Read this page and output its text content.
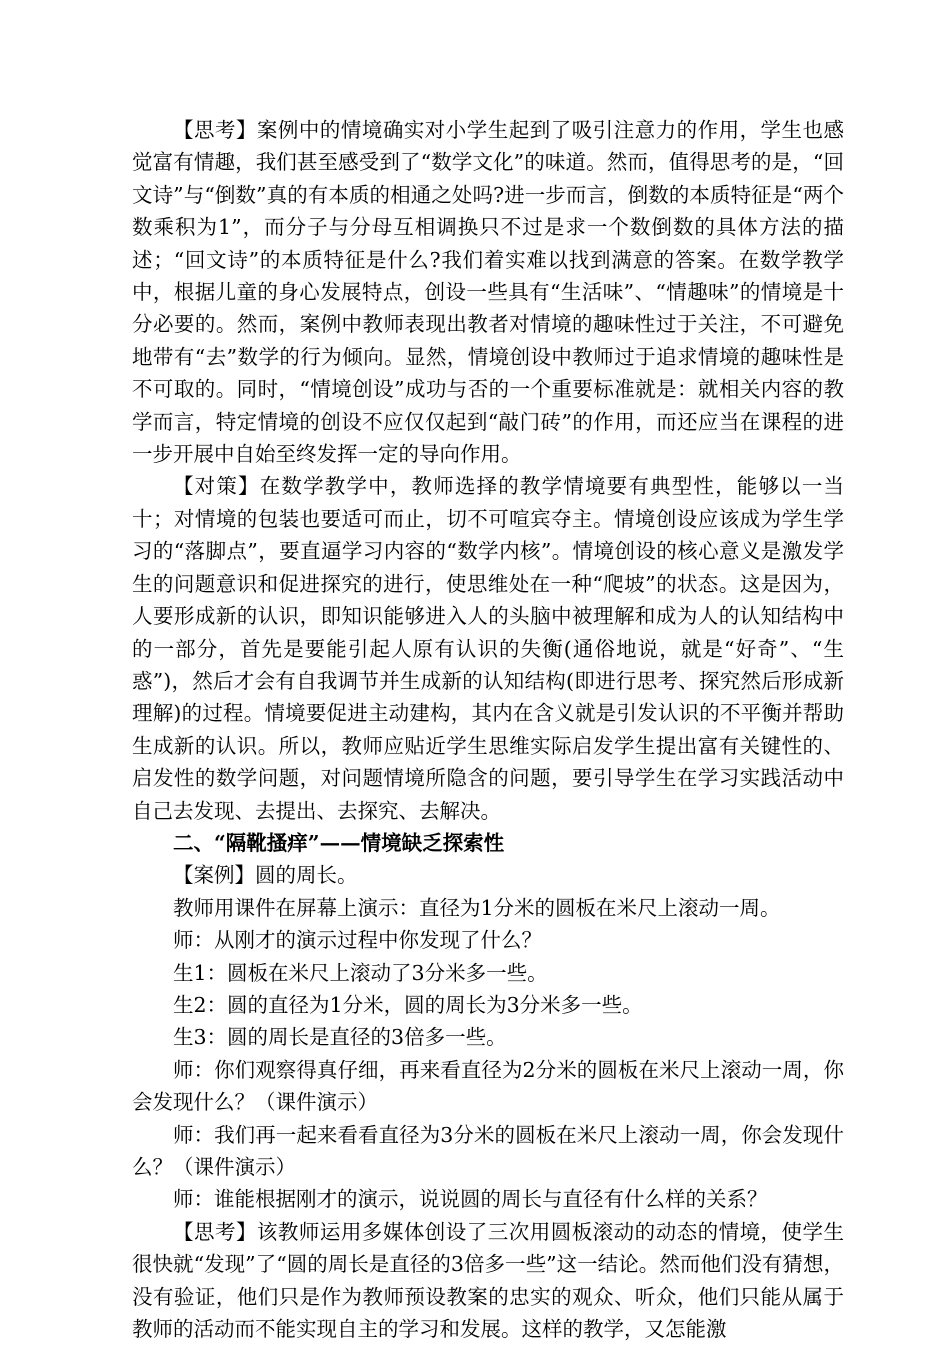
【思考】案例中的情境确实对小学生起到了吸引注意力的作用，学生也感觉富有情趣，我们甚至感受到了“数学文化”的味道。然而，值得思考的是，“回文诗”与“倒数”真的有本质的相通之处吗?进一步而言，倒数的本质特征是“两个数乘积为1”，而分子与分母互相调换只不过是求一个数倒数的具体方法的描述；“回文诗”的本质特征是什么?我们着实难以找到满意的答案。在数学教学中，根据儿童的身心发展特点，创设一些具有“生活味”、“情趣味”的情境是十分必要的。然而，案例中教师表现出教者对情境的趣味性过于关注，不可避免地带有“去”数学的行为倾向。显然，情境创设中教师过于追求情境的趣味性是不可取的。同时，“情境创设”成功与否的一个重要标准就是：就相关内容的教学而言，特定情境的创设不应仅仅起到“敲门砖”的作用，而还应当在课程的进一步开展中自始至终发挥一定的导向作用。

【对策】在数学教学中，教师选择的教学情境要有典型性，能够以一当十；对情境的包装也要适可而止，切不可喧宾夺主。情境创设应该成为学生学习的“落脚点”，要直逼学习内容的“数学内核”。情境创设的核心意义是激发学生的问题意识和促进探究的进行，使思维处在一种“爬坡”的状态。这是因为，人要形成新的认识，即知识能够进入人的头脑中被理解和成为人的认知结构中的一部分，首先是要能引起人原有认识的失衡(通俗地说，就是“好奇”、“生惑”)，然后才会有自我调节并生成新的认知结构(即进行思考、探究然后形成新理解)的过程。情境要促进主动建构，其内在含义就是引发认识的不平衡并帮助生成新的认识。所以，教师应贴近学生思维实际启发学生提出富有关键性的、启发性的数学问题，对问题情境所隐含的问题，要引导学生在学习实践活动中自己去发现、去提出、去探究、去解决。

二、“隔靴搔痒”——情境缺乏探索性

【案例】圆的周长。

教师用课件在屏幕上演示：直径为1分米的圆板在米尺上滚动一周。

师：从刚才的演示过程中你发现了什么？

生1：圆板在米尺上滚动了3分米多一些。

生2：圆的直径为1分米，圆的周长为3分米多一些。

生3：圆的周长是直径的3倍多一些。

师：你们观察得真仔细，再来看直径为2分米的圆板在米尺上滚动一周，你会发现什么？（课件演示）

师：我们再一起来看看直径为3分米的圆板在米尺上滚动一周，你会发现什么？（课件演示）

师：谁能根据刚才的演示，说说圆的周长与直径有什么样的关系？

【思考】该教师运用多媒体创设了三次用圆板滚动的动态的情境，使学生很快就“发现”了“圆的周长是直径的3倍多一些”这一结论。然而他们没有猜想，没有验证，他们只是作为教师预设教案的忠实的观众、听众，他们只能从属于教师的活动而不能实现自主的学习和发展。这样的教学，又怎能激
